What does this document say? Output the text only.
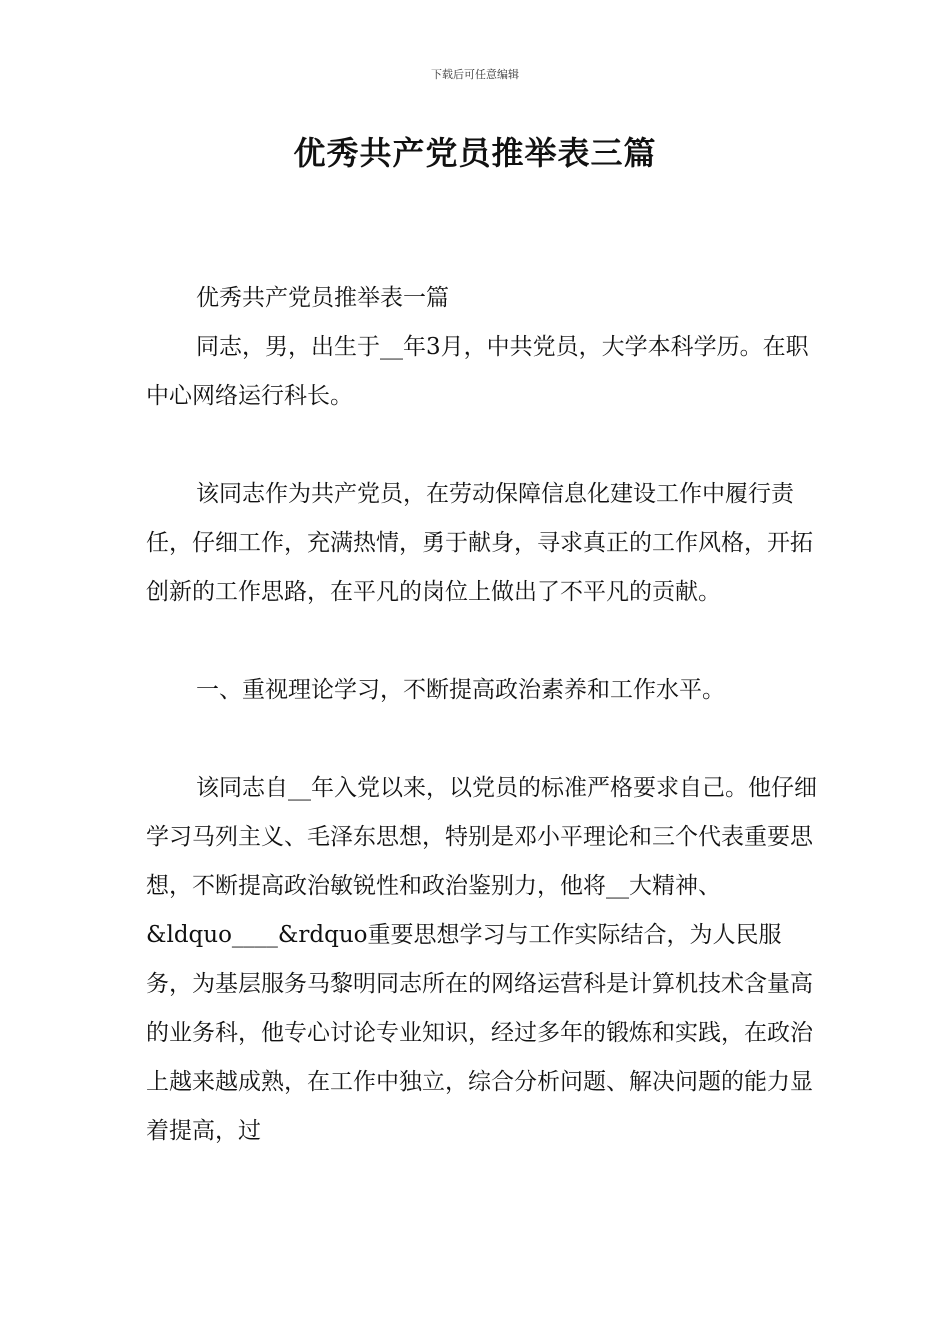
下载后可任意编辑
优秀共产党员推举表三篇

优秀共产党员推举表一篇

同志，男，出生于__年3月，中共党员，大学本科学历。在职中心网络运行科长。

该同志作为共产党员，在劳动保障信息化建设工作中履行责任，仔细工作，充满热情，勇于献身，寻求真正的工作风格，开拓创新的工作思路，在平凡的岗位上做出了不平凡的贡献。

一、重视理论学习，不断提高政治素养和工作水平。

该同志自__年入党以来，以党员的标准严格要求自己。他仔细学习马列主义、毛泽东思想，特别是邓小平理论和三个代表重要思想，不断提高政治敏锐性和政治鉴别力，他将__大精神、&ldquo____&rdquo重要思想学习与工作实际结合，为人民服务，为基层服务马黎明同志所在的网络运营科是计算机技术含量高的业务科，他专心讨论专业知识，经过多年的锻炼和实践，在政治上越来越成熟，在工作中独立，综合分析问题、解决问题的能力显着提高，过
